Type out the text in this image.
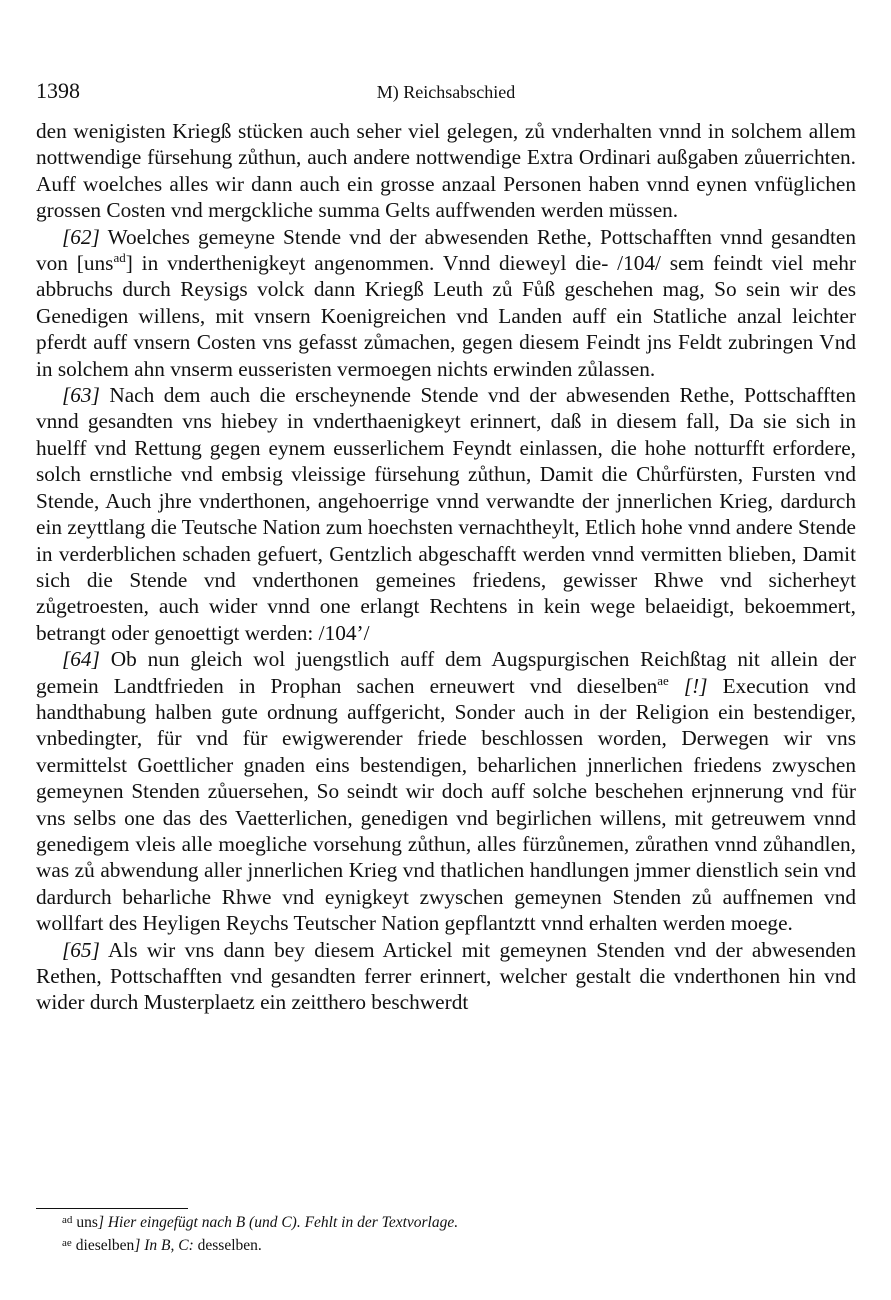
1398	M) Reichsabschied

den wenigisten Kriegß stücken auch seher viel gelegen, zů vnderhalten vnnd in solchem allem nottwendige fürsehung zůthun, auch andere nottwendige Extra Ordinari außgaben zůuerrichten. Auff woelches alles wir dann auch ein grosse anzaal Personen haben vnnd eynen vnfüglichen grossen Costen vnd mergckliche summa Gelts auffwenden werden müssen.

[62] Woelches gemeyne Stende vnd der abwesenden Rethe, Pottschafften vnnd gesandten von [uns$^{ad}$] in vnderthenigkeyt angenommen. Vnnd dieweyl die- /104/ sem feindt viel mehr abbruchs durch Reysigs volck dann Kriegß Leuth zů Fůß geschehen mag, So sein wir des Genedigen willens, mit vnsern Koenigreichen vnd Landen auff ein Statliche anzal leichter pferdt auff vnsern Costen vns gefasst zůmachen, gegen diesem Feindt jns Feldt zubringen Vnd in solchem ahn vnserm eusseristen vermoegen nichts erwinden zůlassen.

[63] Nach dem auch die erscheynende Stende vnd der abwesenden Rethe, Pottschafften vnnd gesandten vns hiebey in vnderthaenigkeyt erinnert, daß in diesem fall, Da sie sich in huelff vnd Rettung gegen eynem eusserlichem Feyndt einlassen, die hohe notturfft erfordere, solch ernstliche vnd embsig vleissige fürsehung zůthun, Damit die Chůrfürsten, Fursten vnd Stende, Auch jhre vnderthonen, angehoerrige vnnd verwandte der jnnerlichen Krieg, dardurch ein zeyttlang die Teutsche Nation zum hoechsten vernachtheylt, Etlich hohe vnnd andere Stende in verderblichen schaden gefuert, Gentzlich abgeschafft werden vnnd vermitten blieben, Damit sich die Stende vnd vnderthonen gemeines friedens, gewisser Rhwe vnd sicherheyt zůgetroesten, auch wider vnnd one erlangt Rechtens in kein wege belaeidigt, bekoemmert, betrangt oder genoettigt werden: /104’/

[64] Ob nun gleich wol juengstlich auff dem Augspurgischen Reichßtag nit allein der gemein Landtfrieden in Prophan sachen erneuwert vnd dieselben$^{ae}$ [!] Execution vnd handthabung halben gute ordnung auffgericht, Sonder auch in der Religion ein bestendiger, vnbedingter, für vnd für ewigwerender friede beschlossen worden, Derwegen wir vns vermittelst Goettlicher gnaden eins bestendigen, beharlichen jnnerlichen friedens zwyschen gemeynen Stenden zůuersehen, So seindt wir doch auff solche beschehen erjnnerung vnd für vns selbs one das des Vaetterlichen, genedigen vnd begirlichen willens, mit getreuwem vnnd genedigem vleis alle moegliche vorsehung zůthun, alles fürzůnemen, zůrathen vnnd zůhandlen, was zů abwendung aller jnnerlichen Krieg vnd thatlichen handlungen jmmer dienstlich sein vnd dardurch beharliche Rhwe vnd eynigkeyt zwyschen gemeynen Stenden zů auffnemen vnd wollfart des Heyligen Reychs Teutscher Nation gepflantztt vnnd erhalten werden moege.

[65] Als wir vns dann bey diesem Artickel mit gemeynen Stenden vnd der abwesenden Rethen, Pottschafften vnd gesandten ferrer erinnert, welcher gestalt die vnderthonen hin vnd wider durch Musterplaetz ein zeitthero beschwerdt

$^{ad}$ uns] Hier eingefügt nach B (und C). Fehlt in der Textvorlage.

$^{ae}$ dieselben] In B, C: desselben.
